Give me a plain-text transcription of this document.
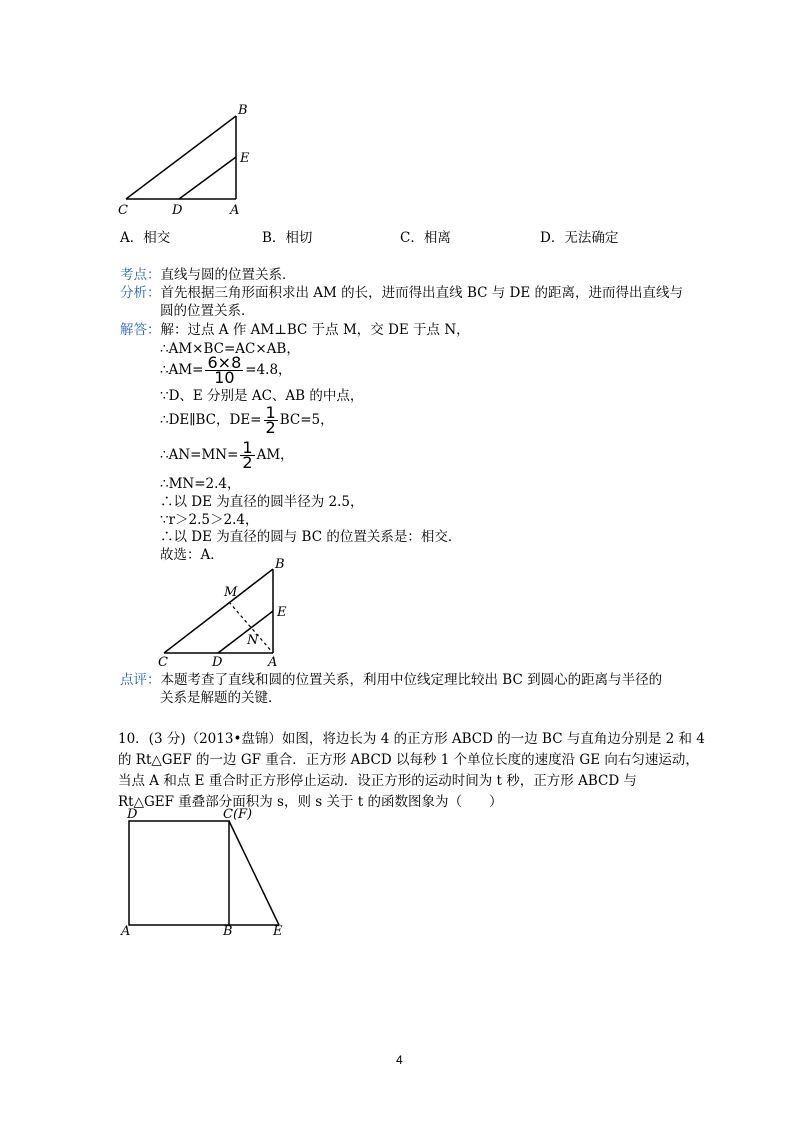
B
E
C	D	A
A．相交	B．相切	C．相离	D．无法确定
考点：直线与圆的位置关系．
分析：首先根据三角形面积求出 AM 的长，进而得出直线 BC 与 DE 的距离，进而得出直线与
圆的位置关系．
解答：解：过点 A 作 AM⊥BC 于点 M，交 DE 于点 N，
∴AM×BC=AC×AB，
∴AM= $\frac{6\times 8}{10} =4.8$，
∵D、E 分别是 AC、AB 的中点，
∴DE∥BC，$DE= \frac{1}{2} BC=5$，
∴AN=MN= $\frac{1}{2}$ AM，
∴MN=2.4，
∴以 DE 为直径的圆半径为 2.5，
∵r＞2.5＞2.4，
∴以 DE 为直径的圆与 BC 的位置关系是：相交．
故选：A．
B
M
E
N
C	D	A
点评：本题考查了直线和圆的位置关系，利用中位线定理比较出 BC 到圆心的距离与半径的
关系是解题的关键．
10．(3 分)（2013•盘锦）如图，将边长为 4 的正方形 ABCD 的一边 BC 与直角边分别是 2 和 4
的 Rt△GEF 的一边 GF 重合．正方形 ABCD 以每秒 1 个单位长度的速度沿 GE 向右匀速运动，
当点 A 和点 E 重合时正方形停止运动．设正方形的运动时间为 t 秒，正方形 ABCD 与
Rt△GEF 重叠部分面积为 s，则 s 关于 t 的函数图象为（　　）
D	C(F)
A	B	E
4
